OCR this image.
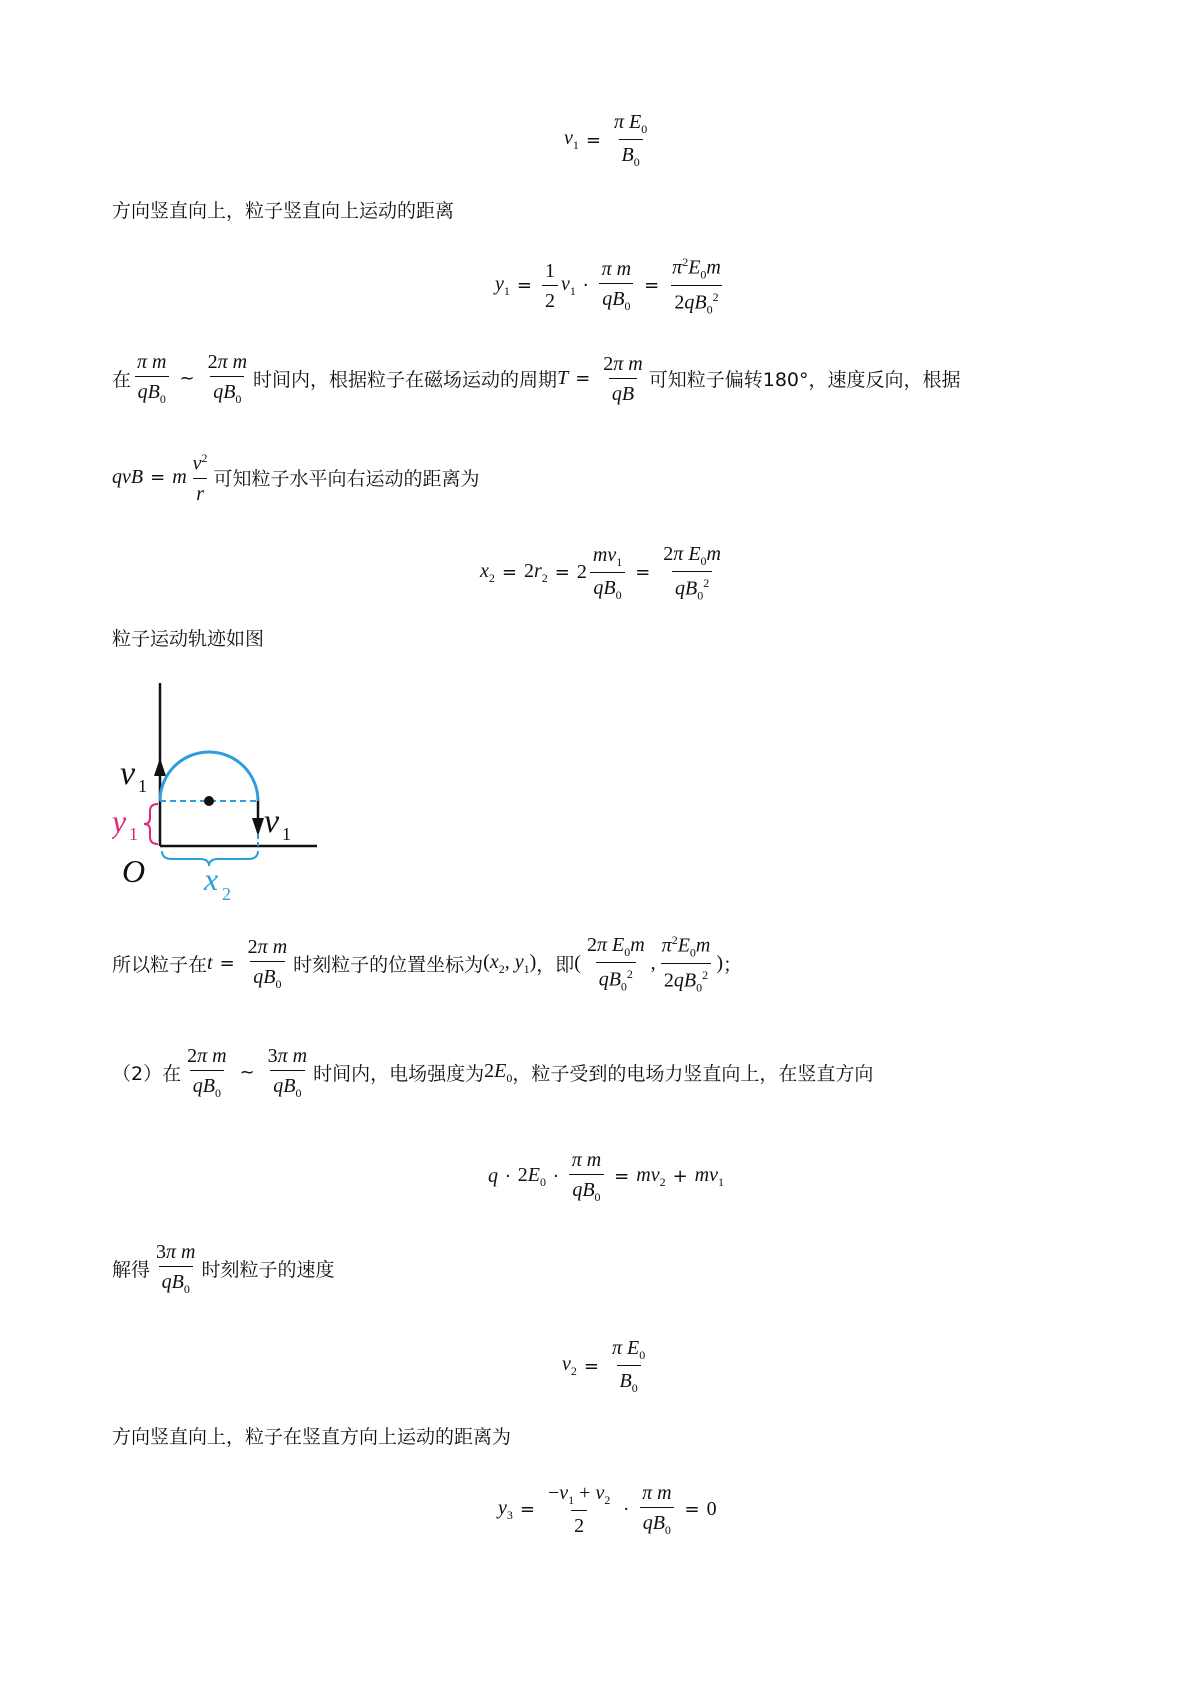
$v_1 = \frac{\pi E_0}{B_0}$
方向竖直向上，粒子竖直向上运动的距离
$y_1 = \frac{1}{2} v_1 \cdot \frac{\text{π m}}{qB_0} = \frac{\pi^2E_0m}{2qB_0^2}$
在 $\frac{\text{π m}}{qB_0}$ ~ $\frac{\text{2π m}}{qB_0}$ 时间内，根据粒子在磁场运动的周期 $T = \frac{\text{2π m}}{qB}$ 可知粒子偏转180°，速度反向，根据
qvB = m $\frac{v^2}{r}$ 可知粒子水平向右运动的距离为
$x_2 = 2r_2 = 2 \frac{mv_1}{qB_0} = \frac{2\pi E_0m}{qB_0^2}$
粒子运动轨迹如图
v 1
v 1
y 1
O x 2
所以粒子在 $t = \frac{\text{2π m}}{qB_0}$ 时刻粒子的位置坐标为 ($x_2$, $y_1$) ，即 ( $\frac{2\pi E_0m}{qB_0^2}$ , $\frac{\pi^2E_0m}{2qB_0^2}$ ) ；
（2）在 $\frac{\text{2π m}}{qB_0}$ ~ $\frac{\text{3π m}}{qB_0}$ 时间内，电场强度为 $2E_0$ ，粒子受到的电场力竖直向上，在竖直方向
$q \cdot 2E_0 \cdot \frac{\text{π m}}{qB_0} = mv_2 + mv_1$
解得 $\frac{\text{3π m}}{qB_0}$ 时刻粒子的速度
$v_2 = \frac{\pi E_0}{B_0}$
方向竖直向上，粒子在竖直方向上运动的距离为
$y_3 = \frac{-v_1 + v_2}{2} \cdot \frac{\text{π m}}{qB_0} = 0$
